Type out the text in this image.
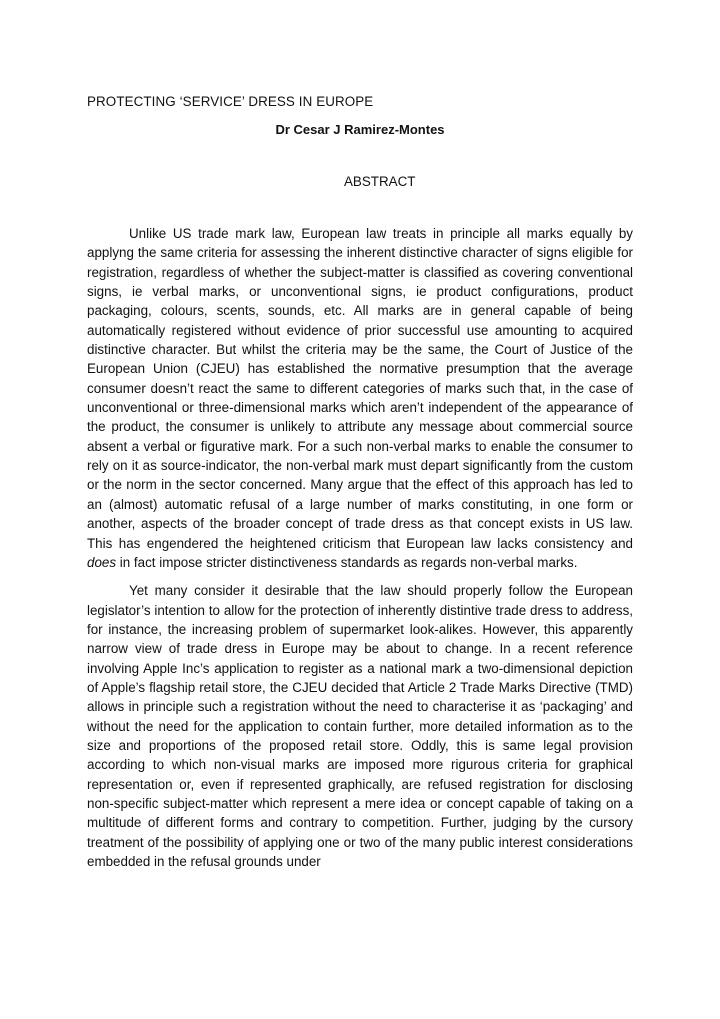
PROTECTING ‘SERVICE’ DRESS IN EUROPE
Dr Cesar J Ramirez-Montes
ABSTRACT

Unlike US trade mark law, European law treats in principle all marks equally by applyng the same criteria for assessing the inherent distinctive character of signs eligible for registration, regardless of whether the subject-matter is classified as covering conventional signs, ie verbal marks, or unconventional signs, ie product configurations, product packaging, colours, scents, sounds, etc. All marks are in general capable of being automatically registered without evidence of prior successful use amounting to acquired distinctive character. But whilst the criteria may be the same, the Court of Justice of the European Union (CJEU) has established the normative presumption that the average consumer doesn’t react the same to different categories of marks such that, in the case of unconventional or three-dimensional marks which aren’t independent of the appearance of the product, the consumer is unlikely to attribute any message about commercial source absent a verbal or figurative mark. For a such non-verbal marks to enable the consumer to rely on it as source-indicator, the non-verbal mark must depart significantly from the custom or the norm in the sector concerned. Many argue that the effect of this approach has led to an (almost) automatic refusal of a large number of marks constituting, in one form or another, aspects of the broader concept of trade dress as that concept exists in US law. This has engendered the heightened criticism that European law lacks consistency and does in fact impose stricter distinctiveness standards as regards non-verbal marks.

Yet many consider it desirable that the law should properly follow the European legislator’s intention to allow for the protection of inherently distintive trade dress to address, for instance, the increasing problem of supermarket look-alikes. However, this apparently narrow view of trade dress in Europe may be about to change. In a recent reference involving Apple Inc’s application to register as a national mark a two-dimensional depiction of Apple’s flagship retail store, the CJEU decided that Article 2 Trade Marks Directive (TMD) allows in principle such a registration without the need to characterise it as ‘packaging’ and without the need for the application to contain further, more detailed information as to the size and proportions of the proposed retail store. Oddly, this is same legal provision according to which non-visual marks are imposed more rigurous criteria for graphical representation or, even if represented graphically, are refused registration for disclosing non-specific subject-matter which represent a mere idea or concept capable of taking on a multitude of different forms and contrary to competition. Further, judging by the cursory treatment of the possibility of applying one or two of the many public interest considerations embedded in the refusal grounds under
